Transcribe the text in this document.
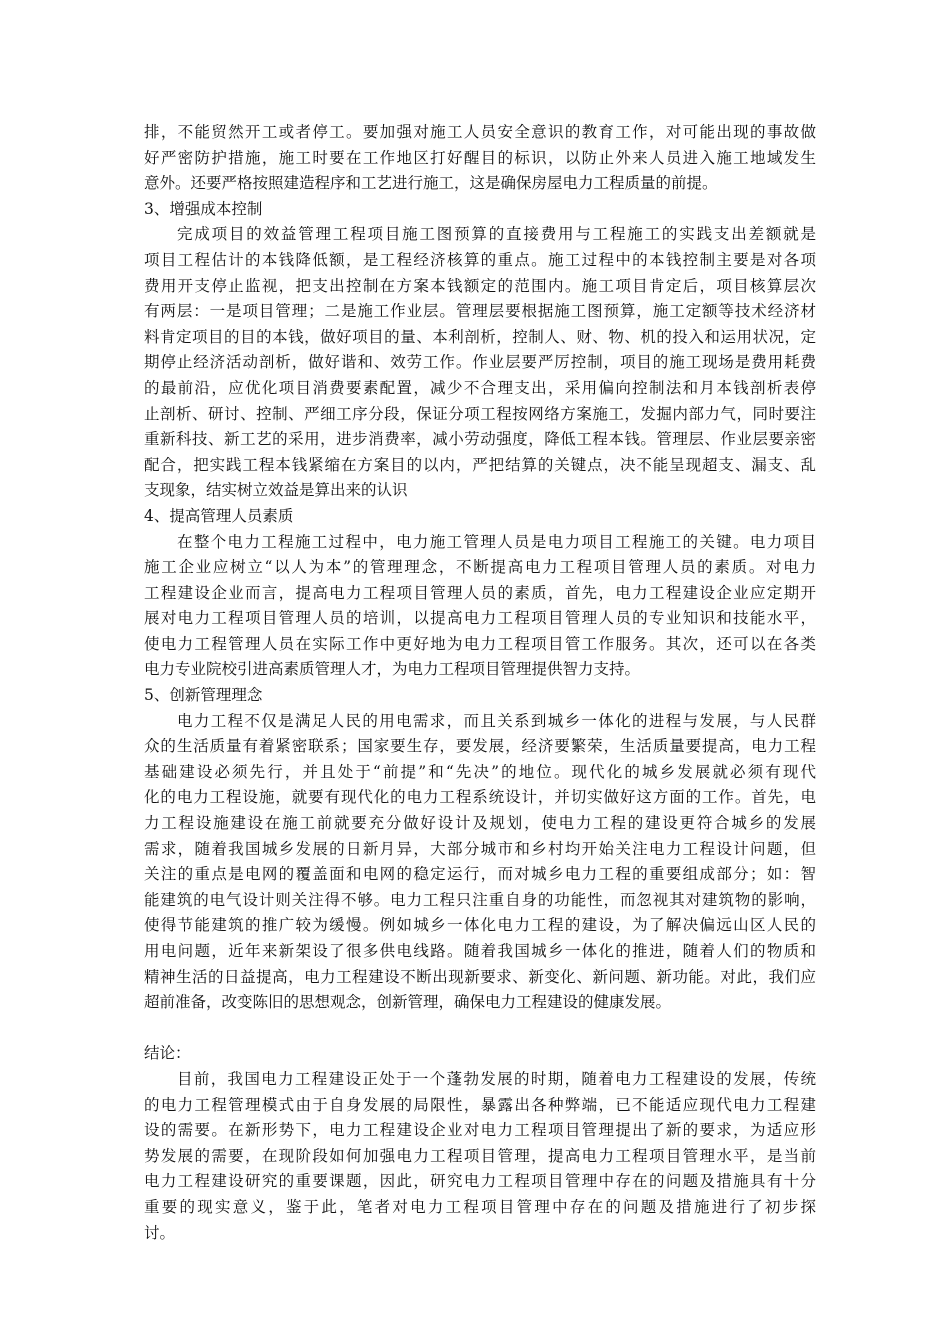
排，不能贸然开工或者停工。要加强对施工人员安全意识的教育工作，对可能出现的事故做
好严密防护措施，施工时要在工作地区打好醒目的标识，以防止外来人员进入施工地域发生
意外。还要严格按照建造程序和工艺进行施工，这是确保房屋电力工程质量的前提。
3、增强成本控制
完成项目的效益管理工程项目施工图预算的直接费用与工程施工的实践支出差额就是
项目工程估计的本钱降低额，是工程经济核算的重点。施工过程中的本钱控制主要是对各项
费用开支停止监视，把支出控制在方案本钱额定的范围内。施工项目肯定后，项目核算层次
有两层：一是项目管理；二是施工作业层。管理层要根据施工图预算，施工定额等技术经济材
料肯定项目的目的本钱，做好项目的量、本利剖析，控制人、财、物、机的投入和运用状况，定
期停止经济活动剖析，做好谐和、效劳工作。作业层要严厉控制，项目的施工现场是费用耗费
的最前沿，应优化项目消费要素配置，减少不合理支出，采用偏向控制法和月本钱剖析表停
止剖析、研讨、控制、严细工序分段，保证分项工程按网络方案施工，发掘内部力气，同时要注
重新科技、新工艺的采用，进步消费率，减小劳动强度，降低工程本钱。管理层、作业层要亲密
配合，把实践工程本钱紧缩在方案目的以内，严把结算的关键点，决不能呈现超支、漏支、乱
支现象，结实树立效益是算出来的认识
4、提高管理人员素质
在整个电力工程施工过程中，电力施工管理人员是电力项目工程施工的关键。电力项目
施工企业应树立“以人为本”的管理理念，不断提高电力工程项目管理人员的素质。对电力
工程建设企业而言，提高电力工程项目管理人员的素质，首先，电力工程建设企业应定期开
展对电力工程项目管理人员的培训，以提高电力工程项目管理人员的专业知识和技能水平，
使电力工程管理人员在实际工作中更好地为电力工程项目管工作服务。其次，还可以在各类
电力专业院校引进高素质管理人才，为电力工程项目管理提供智力支持。
5、创新管理理念
电力工程不仅是满足人民的用电需求，而且关系到城乡一体化的进程与发展，与人民群
众的生活质量有着紧密联系；国家要生存，要发展，经济要繁荣，生活质量要提高，电力工程
基础建设必须先行，并且处于“前提”和“先决”的地位。现代化的城乡发展就必须有现代
化的电力工程设施，就要有现代化的电力工程系统设计，并切实做好这方面的工作。首先，电
力工程设施建设在施工前就要充分做好设计及规划，使电力工程的建设更符合城乡的发展
需求，随着我国城乡发展的日新月异，大部分城市和乡村均开始关注电力工程设计问题，但
关注的重点是电网的覆盖面和电网的稳定运行，而对城乡电力工程的重要组成部分；如：智
能建筑的电气设计则关注得不够。电力工程只注重自身的功能性，而忽视其对建筑物的影响，
使得节能建筑的推广较为缓慢。例如城乡一体化电力工程的建设，为了解决偏远山区人民的
用电问题，近年来新架设了很多供电线路。随着我国城乡一体化的推进，随着人们的物质和
精神生活的日益提高，电力工程建设不断出现新要求、新变化、新问题、新功能。对此，我们应
超前准备，改变陈旧的思想观念，创新管理，确保电力工程建设的健康发展。
结论：
目前，我国电力工程建设正处于一个蓬勃发展的时期，随着电力工程建设的发展，传统
的电力工程管理模式由于自身发展的局限性，暴露出各种弊端，已不能适应现代电力工程建
设的需要。在新形势下，电力工程建设企业对电力工程项目管理提出了新的要求，为适应形
势发展的需要，在现阶段如何加强电力工程项目管理，提高电力工程项目管理水平，是当前
电力工程建设研究的重要课题，因此，研究电力工程项目管理中存在的问题及措施具有十分
重要的现实意义，鉴于此，笔者对电力工程项目管理中存在的问题及措施进行了初步探
讨。
